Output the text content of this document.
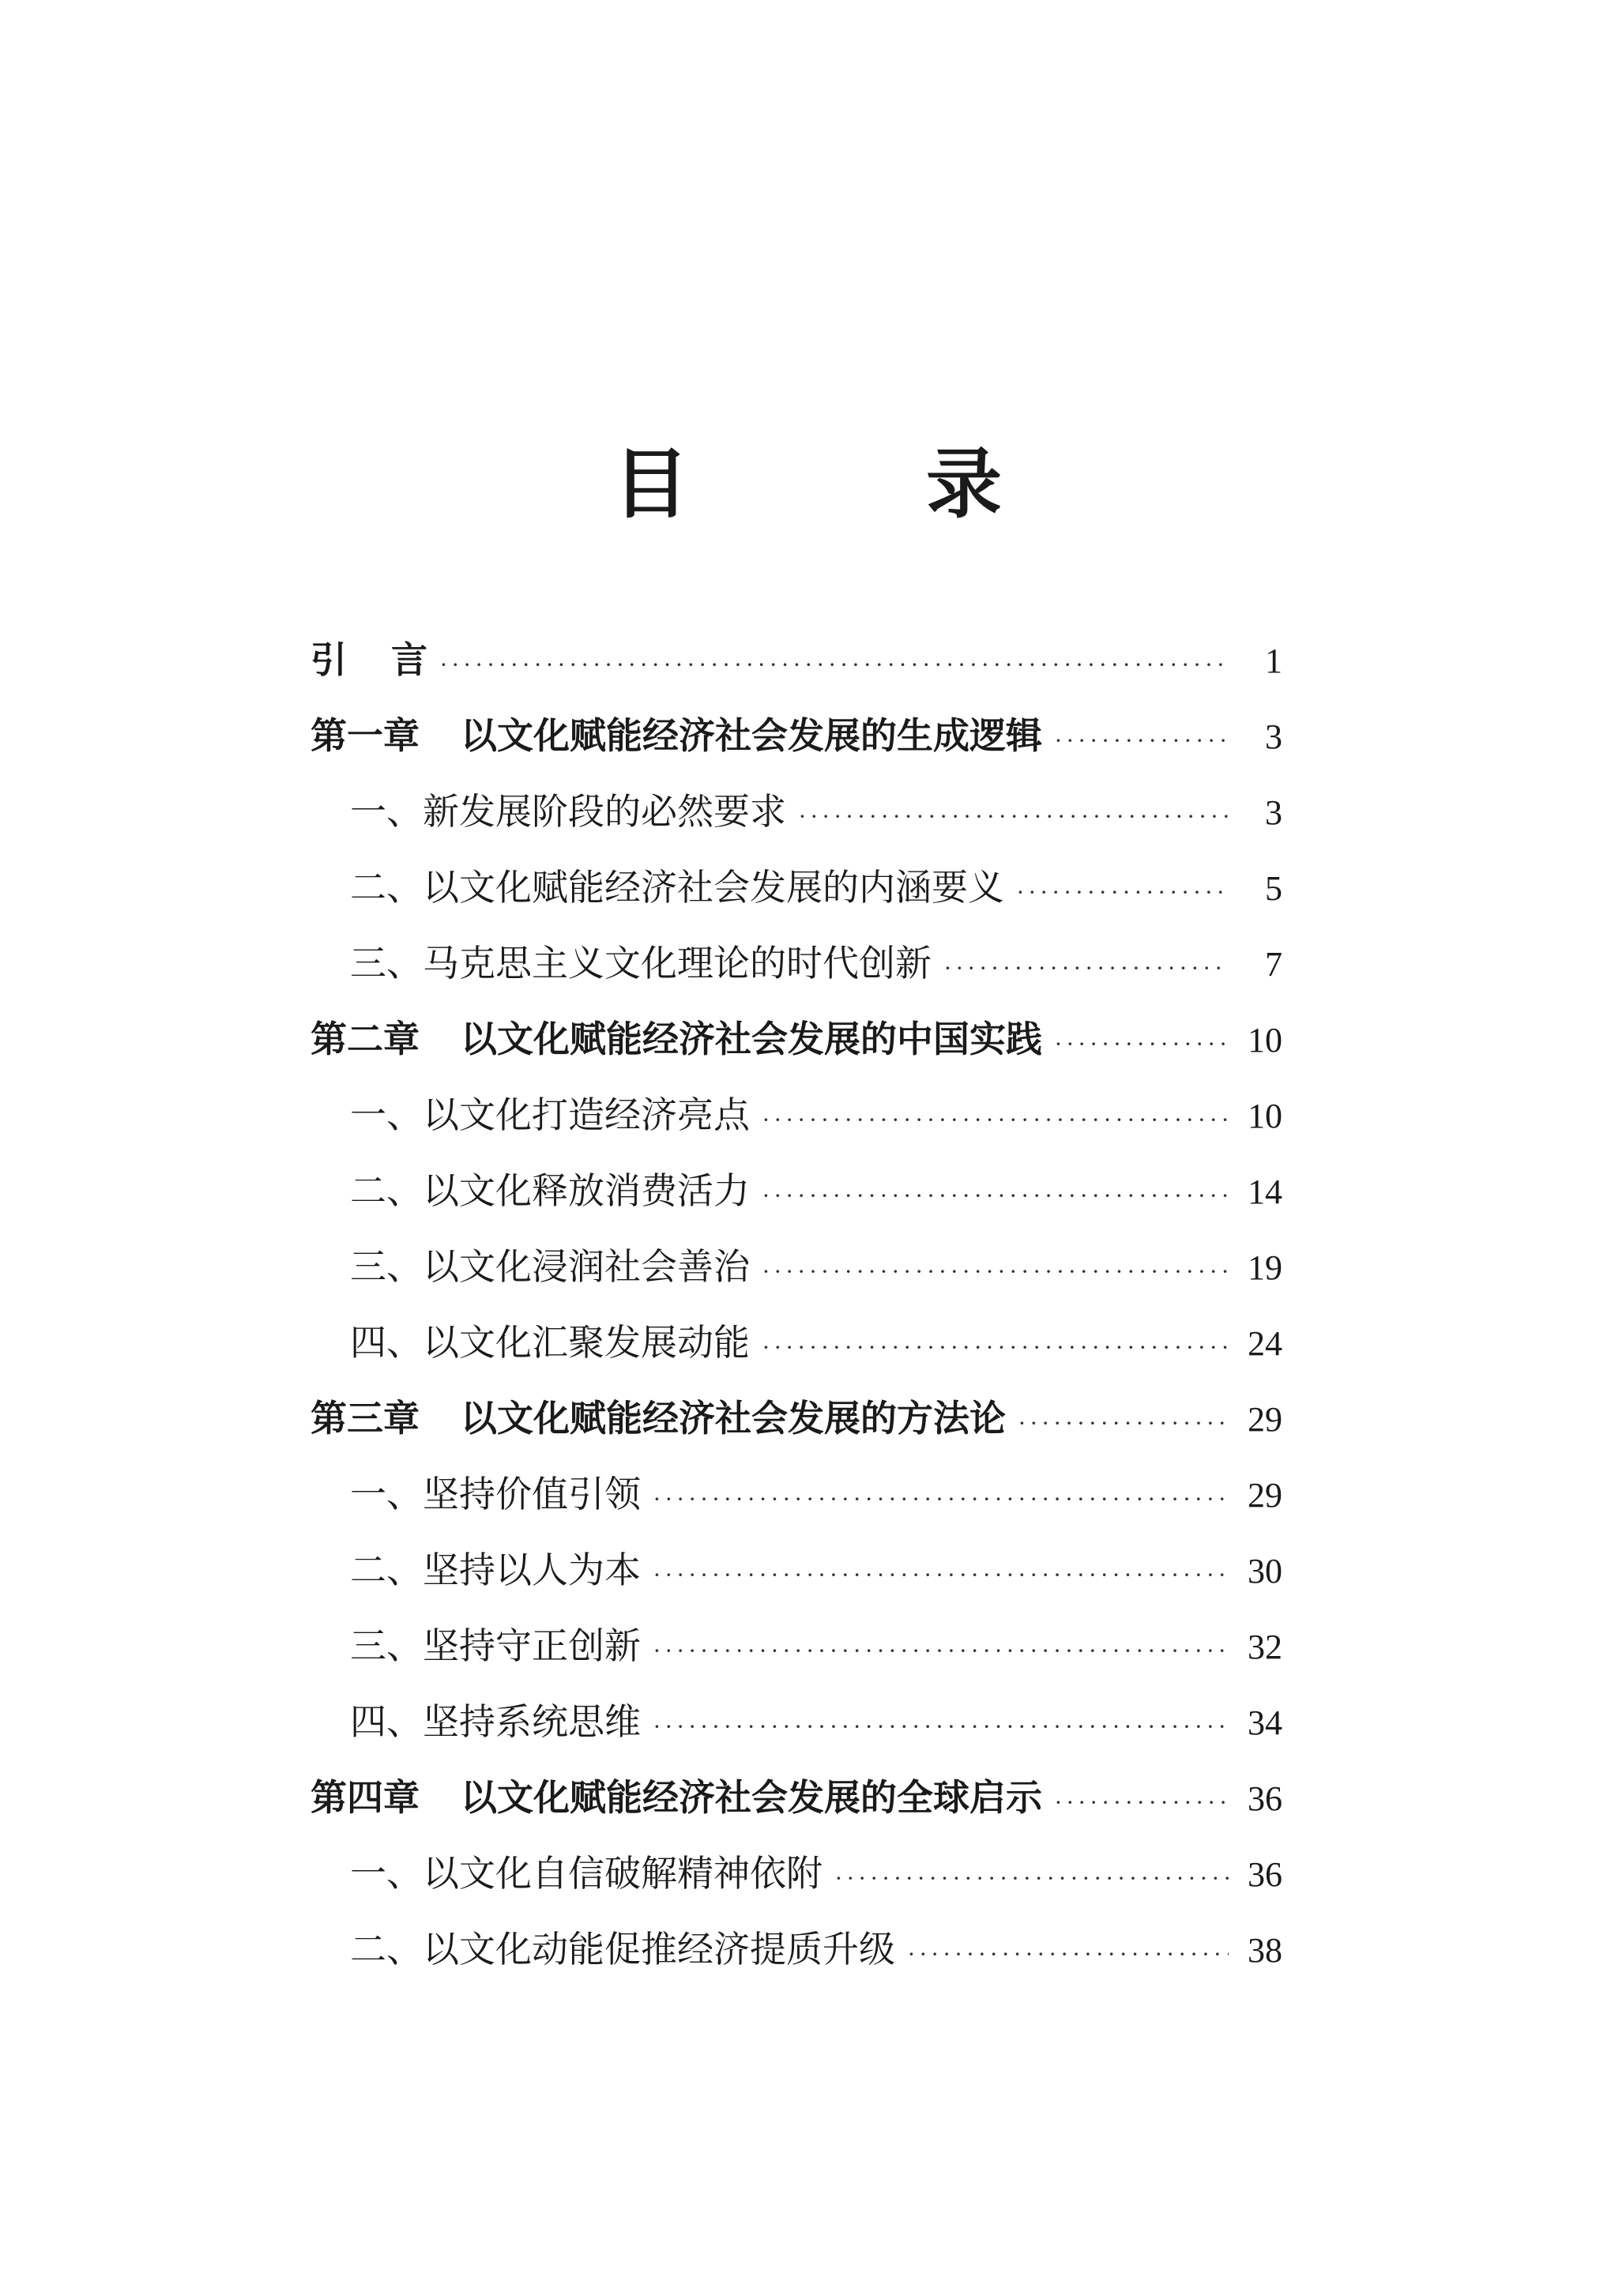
目	录
引 言 ·····	1
第一章 以文化赋能经济社会发展的生成逻辑 ·····	3
一、新发展阶段的必然要求 ·····	3
二、以文化赋能经济社会发展的内涵要义 ·····	5
三、马克思主义文化理论的时代创新 ·····	7
第二章 以文化赋能经济社会发展的中国实践 ·····	10
一、以文化打造经济亮点 ·····	10
二、以文化释放消费活力 ·····	14
三、以文化浸润社会善治 ·····	19
四、以文化汇聚发展动能 ·····	24
第三章 以文化赋能经济社会发展的方法论 ·····	29
一、坚持价值引领 ·····	29
二、坚持以人为本 ·····	30
三、坚持守正创新 ·····	32
四、坚持系统思维 ·····	34
第四章 以文化赋能经济社会发展的全球启示 ·····	36
一、以文化自信破解精神依附 ·····	36
二、以文化动能促推经济提质升级 ·····	38
